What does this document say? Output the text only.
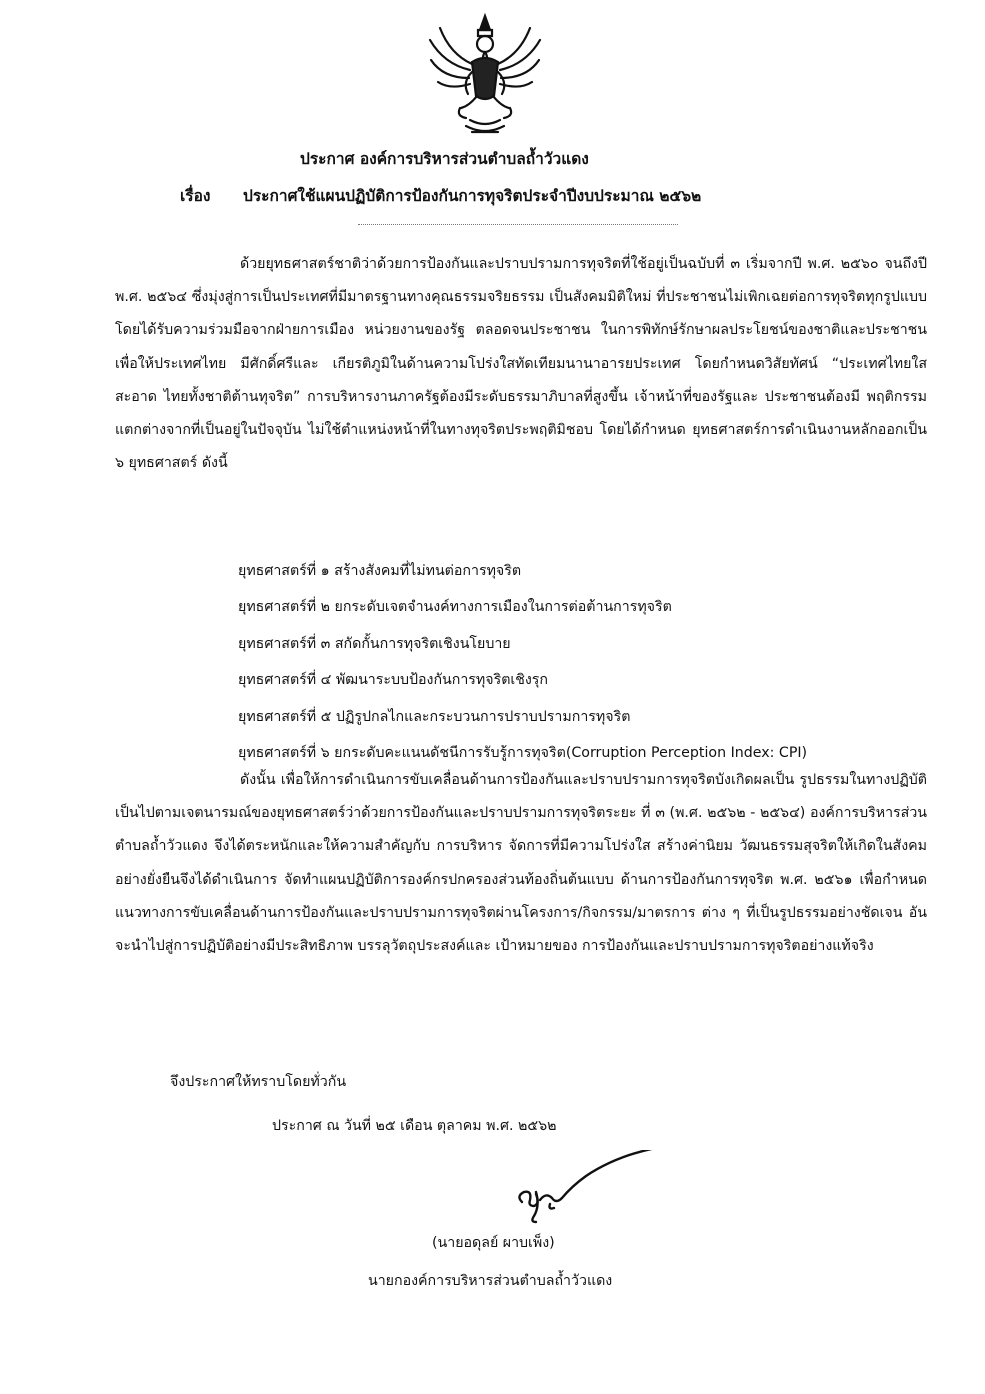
ประกาศ องค์การบริหารส่วนตำบลถ้ำวัวแดง
เรื่อง ประกาศใช้แผนปฏิบัติการป้องกันการทุจริตประจำปีงบประมาณ ๒๕๖๒

ด้วยยุทธศาสตร์ชาติว่าด้วยการป้องกันและปราบปรามการทุจริตที่ใช้อยู่เป็นฉบับที่ ๓ เริ่มจากปี พ.ศ. ๒๕๖๐ จนถึงปี พ.ศ. ๒๕๖๔ ซึ่งมุ่งสู่การเป็นประเทศที่มีมาตรฐานทางคุณธรรมจริยธรรม เป็นสังคมมิติใหม่ ที่ประชาชนไม่เพิกเฉยต่อการทุจริตทุกรูปแบบ โดยได้รับความร่วมมือจากฝ่ายการเมือง หน่วยงานของรัฐ ตลอดจนประชาชน ในการพิทักษ์รักษาผลประโยชน์ของชาติและประชาชนเพื่อให้ประเทศไทย มีศักดิ์ศรีและ เกียรติภูมิในด้านความโปร่งใสทัดเทียมนานาอารยประเทศ โดยกำหนดวิสัยทัศน์ “ประเทศไทยใส สะอาด ไทยทั้งชาติต้านทุจริต” การบริหารงานภาครัฐต้องมีระดับธรรมาภิบาลที่สูงขึ้น เจ้าหน้าที่ของรัฐและ ประชาชนต้องมี พฤติกรรมแตกต่างจากที่เป็นอยู่ในปัจจุบัน ไม่ใช้ตำแหน่งหน้าที่ในทางทุจริตประพฤติมิชอบ โดยได้กำหนด ยุทธศาสตร์การดำเนินงานหลักออกเป็น ๖ ยุทธศาสตร์ ดังนี้

ยุทธศาสตร์ที่ ๑ สร้างสังคมที่ไม่ทนต่อการทุจริต
ยุทธศาสตร์ที่ ๒ ยกระดับเจตจำนงค์ทางการเมืองในการต่อต้านการทุจริต
ยุทธศาสตร์ที่ ๓ สกัดกั้นการทุจริตเชิงนโยบาย
ยุทธศาสตร์ที่ ๔ พัฒนาระบบป้องกันการทุจริตเชิงรุก
ยุทธศาสตร์ที่ ๕ ปฏิรูปกลไกและกระบวนการปราบปรามการทุจริต
ยุทธศาสตร์ที่ ๖ ยกระดับคะแนนดัชนีการรับรู้การทุจริต(Corruption Perception Index: CPI)

ดังนั้น เพื่อให้การดำเนินการขับเคลื่อนด้านการป้องกันและปราบปรามการทุจริตบังเกิดผลเป็น รูปธรรมในทางปฏิบัติ เป็นไปตามเจตนารมณ์ของยุทธศาสตร์ว่าด้วยการป้องกันและปราบปรามการทุจริตระยะ ที่ ๓ (พ.ศ. ๒๕๖๒ - ๒๕๖๔) องค์การบริหารส่วนตำบลถ้ำวัวแดง จึงได้ตระหนักและให้ความสำคัญกับ การบริหาร จัดการที่มีความโปร่งใส สร้างค่านิยม วัฒนธรรมสุจริตให้เกิดในสังคมอย่างยั่งยืนจึงได้ดำเนินการ จัดทำแผนปฏิบัติการองค์กรปกครองส่วนท้องถิ่นต้นแบบ ด้านการป้องกันการทุจริต พ.ศ. ๒๕๖๑ เพื่อกำหนด แนวทางการขับเคลื่อนด้านการป้องกันและปราบปรามการทุจริตผ่านโครงการ/กิจกรรม/มาตรการ ต่าง ๆ ที่เป็นรูปธรรมอย่างชัดเจน อันจะนำไปสู่การปฏิบัติอย่างมีประสิทธิภาพ บรรลุวัตถุประสงค์และ เป้าหมายของ การป้องกันและปราบปรามการทุจริตอย่างแท้จริง

จึงประกาศให้ทราบโดยทั่วกัน
ประกาศ ณ วันที่ ๒๕ เดือน ตุลาคม พ.ศ. ๒๕๖๒
(นายอดุลย์ ผาบเพ็ง)
นายกองค์การบริหารส่วนตำบลถ้ำวัวแดง
